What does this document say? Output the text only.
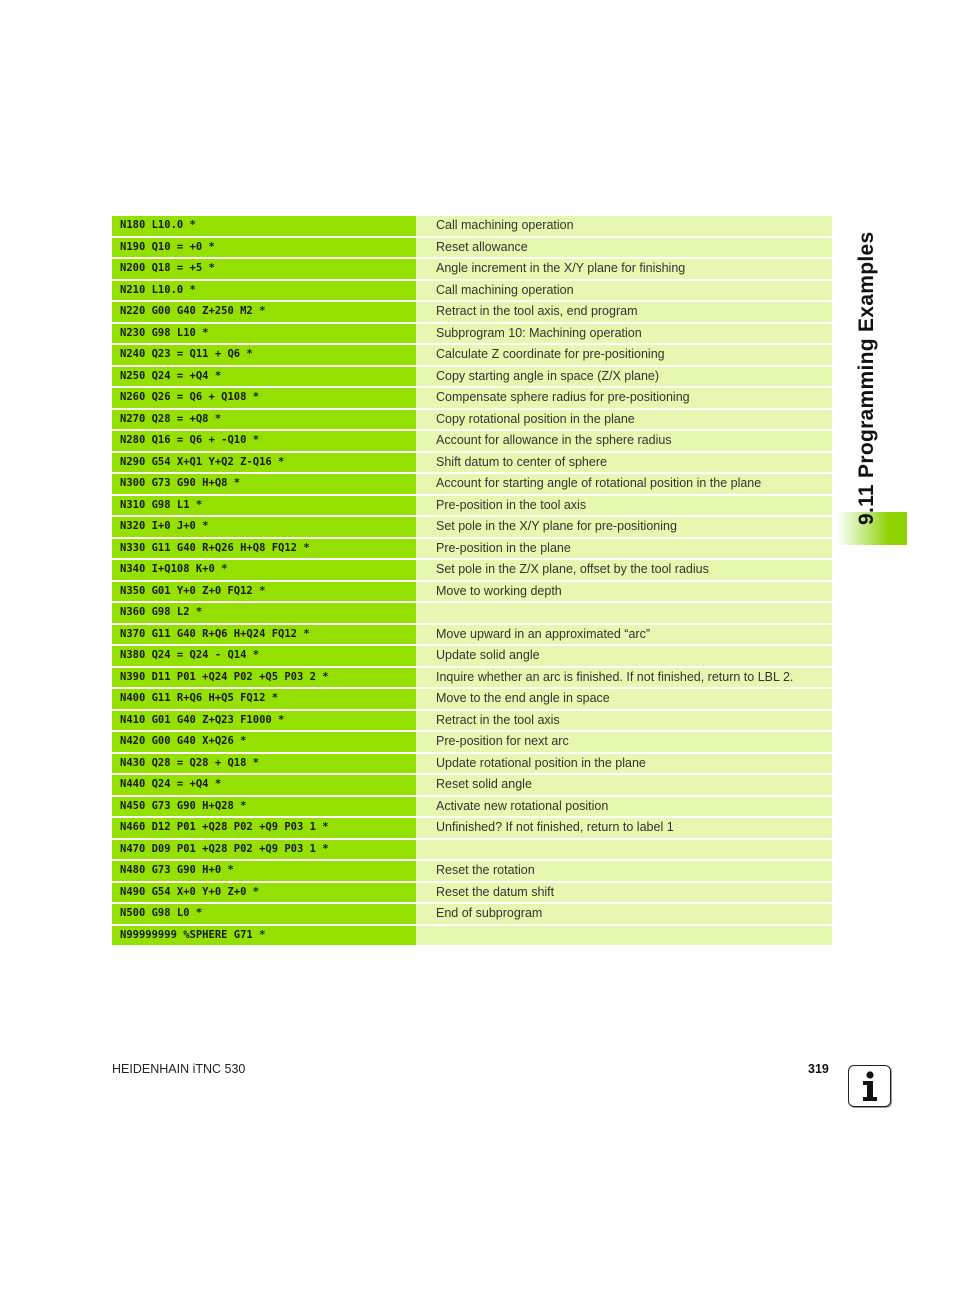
N180 L10.0 *	Call machining operation
N190 Q10 = +0 *	Reset allowance
N200 Q18 = +5 *	Angle increment in the X/Y plane for finishing
N210 L10.0 *	Call machining operation
N220 G00 G40 Z+250 M2 *	Retract in the tool axis, end program
N230 G98 L10 *	Subprogram 10: Machining operation
N240 Q23 = Q11 + Q6 *	Calculate Z coordinate for pre-positioning
N250 Q24 = +Q4 *	Copy starting angle in space (Z/X plane)
N260 Q26 = Q6 + Q108 *	Compensate sphere radius for pre-positioning
N270 Q28 = +Q8 *	Copy rotational position in the plane
N280 Q16 = Q6 + -Q10 *	Account for allowance in the sphere radius
N290 G54 X+Q1 Y+Q2 Z-Q16 *	Shift datum to center of sphere
N300 G73 G90 H+Q8 *	Account for starting angle of rotational position in the plane
N310 G98 L1 *	Pre-position in the tool axis
N320 I+0 J+0 *	Set pole in the X/Y plane for pre-positioning
N330 G11 G40 R+Q26 H+Q8 FQ12 *	Pre-position in the plane
N340 I+Q108 K+0 *	Set pole in the Z/X plane, offset by the tool radius
N350 G01 Y+0 Z+0 FQ12 *	Move to working depth
N360 G98 L2 *
N370 G11 G40 R+Q6 H+Q24 FQ12 *	Move upward in an approximated “arc”
N380 Q24 = Q24 - Q14 *	Update solid angle
N390 D11 P01 +Q24 P02 +Q5 P03 2 *	Inquire whether an arc is finished. If not finished, return to LBL 2.
N400 G11 R+Q6 H+Q5 FQ12 *	Move to the end angle in space
N410 G01 G40 Z+Q23 F1000 *	Retract in the tool axis
N420 G00 G40 X+Q26 *	Pre-position for next arc
N430 Q28 = Q28 + Q18 *	Update rotational position in the plane
N440 Q24 = +Q4 *	Reset solid angle
N450 G73 G90 H+Q28 *	Activate new rotational position
N460 D12 P01 +Q28 P02 +Q9 P03 1 *	Unfinished? If not finished, return to label 1
N470 D09 P01 +Q28 P02 +Q9 P03 1 *
N480 G73 G90 H+0 *	Reset the rotation
N490 G54 X+0 Y+0 Z+0 *	Reset the datum shift
N500 G98 L0 *	End of subprogram
N99999999 %SPHERE G71 *
9.11 Programming Examples
HEIDENHAIN iTNC 530	319
